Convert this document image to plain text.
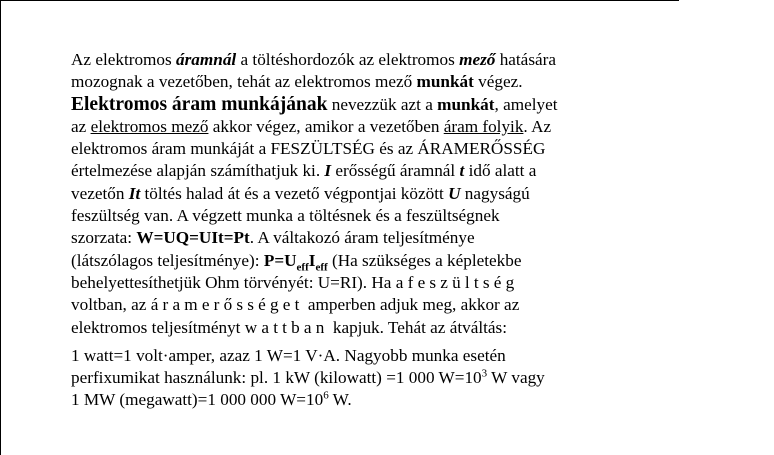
Az elektromos áramnál a töltéshordozók az elektromos mező hatására
mozognak a vezetőben, tehát az elektromos mező munkát végez.
Elektromos áram munkájának nevezzük azt a munkát, amelyet
az elektromos mező akkor végez, amikor a vezetőben áram folyik. Az
elektromos áram munkáját a FESZÜLTSÉG és az ÁRAMERŐSSÉG
értelmezése alapján számíthatjuk ki. I erősségű áramnál t idő alatt a
vezetőn It töltés halad át és a vezető végpontjai között U nagyságú
feszültség van. A végzett munka a töltésnek és a feszültségnek
szorzata: W=UQ=UIt=Pt. A váltakozó áram teljesítménye
(látszólagos teljesítménye): $P=U_{eff}I_{eff}$ (Ha szükséges a képletekbe
behelyettesíthetjük Ohm törvényét: U=RI). Ha a feszültség
voltban, az áramerősséget amperben adjuk meg, akkor az
elektromos teljesítményt wattban kapjuk. Tehát az átváltás:
1 watt=1 volt·amper, azaz 1 W=1 V·A. Nagyobb munka esetén
perfixumikat használunk: pl. 1 kW (kilowatt) =1 000 $W=10^3$ W vagy
1 MW (megawatt)=1 000 000 $W=10^6$ W.
